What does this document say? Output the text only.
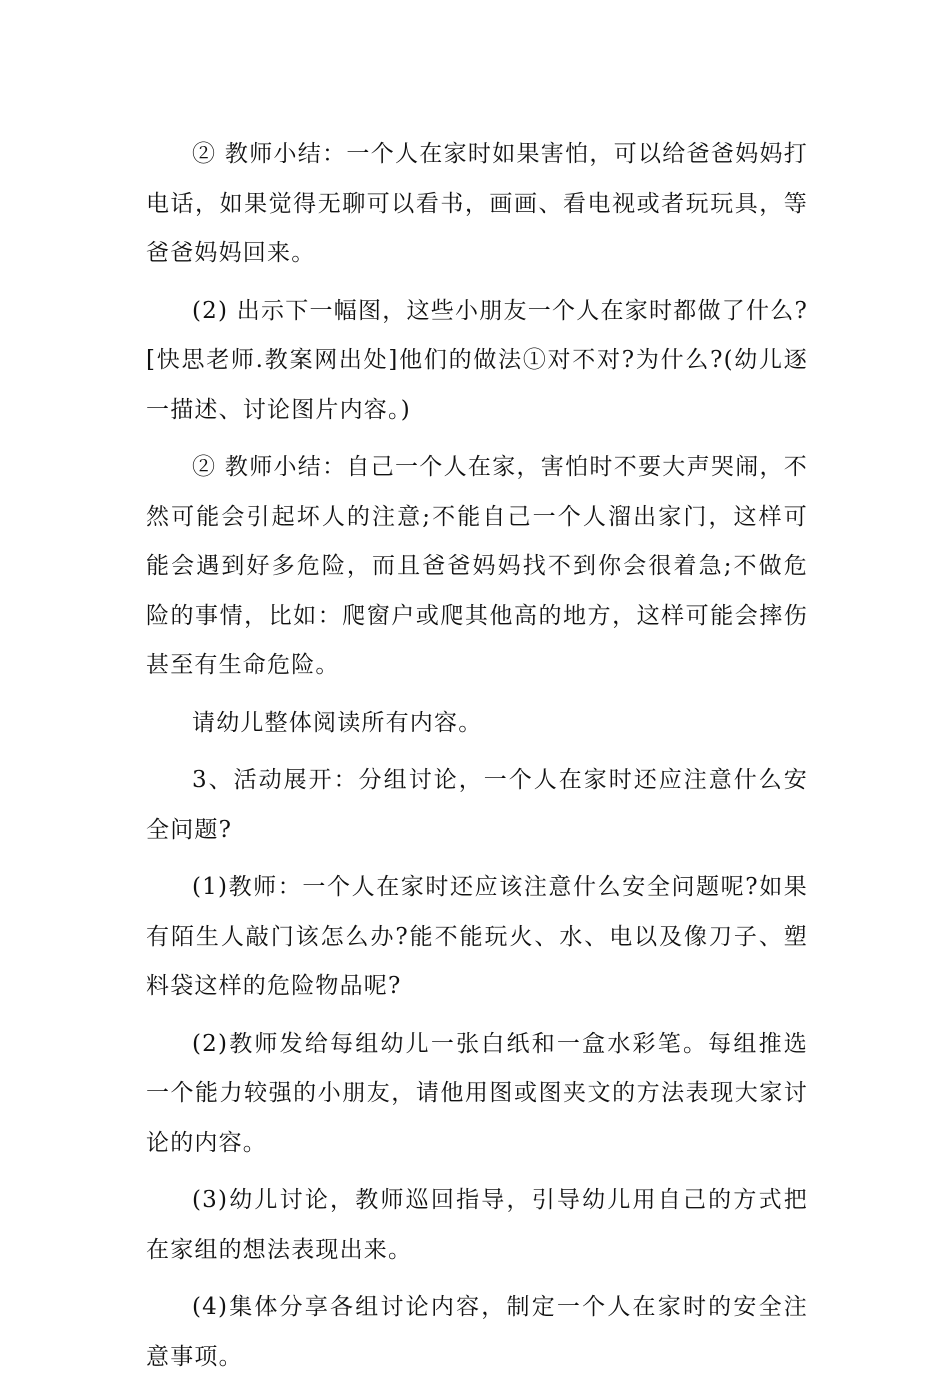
② 教师小结：一个人在家时如果害怕，可以给爸爸妈妈打电话，如果觉得无聊可以看书，画画、看电视或者玩玩具，等爸爸妈妈回来。

(2) 出示下一幅图，这些小朋友一个人在家时都做了什么?[快思老师.教案网出处]他们的做法①对不对?为什么?(幼儿逐一描述、讨论图片内容。)

② 教师小结：自己一个人在家，害怕时不要大声哭闹，不然可能会引起坏人的注意;不能自己一个人溜出家门，这样可能会遇到好多危险，而且爸爸妈妈找不到你会很着急;不做危险的事情，比如：爬窗户或爬其他高的地方，这样可能会摔伤甚至有生命危险。

请幼儿整体阅读所有内容。

3、活动展开：分组讨论，一个人在家时还应注意什么安全问题?

(1)教师：一个人在家时还应该注意什么安全问题呢?如果有陌生人敲门该怎么办?能不能玩火、水、电以及像刀子、塑料袋这样的危险物品呢?

(2)教师发给每组幼儿一张白纸和一盒水彩笔。每组推选一个能力较强的小朋友，请他用图或图夹文的方法表现大家讨论的内容。

(3)幼儿讨论，教师巡回指导，引导幼儿用自己的方式把在家组的想法表现出来。

(4)集体分享各组讨论内容，制定一个人在家时的安全注意事项。
